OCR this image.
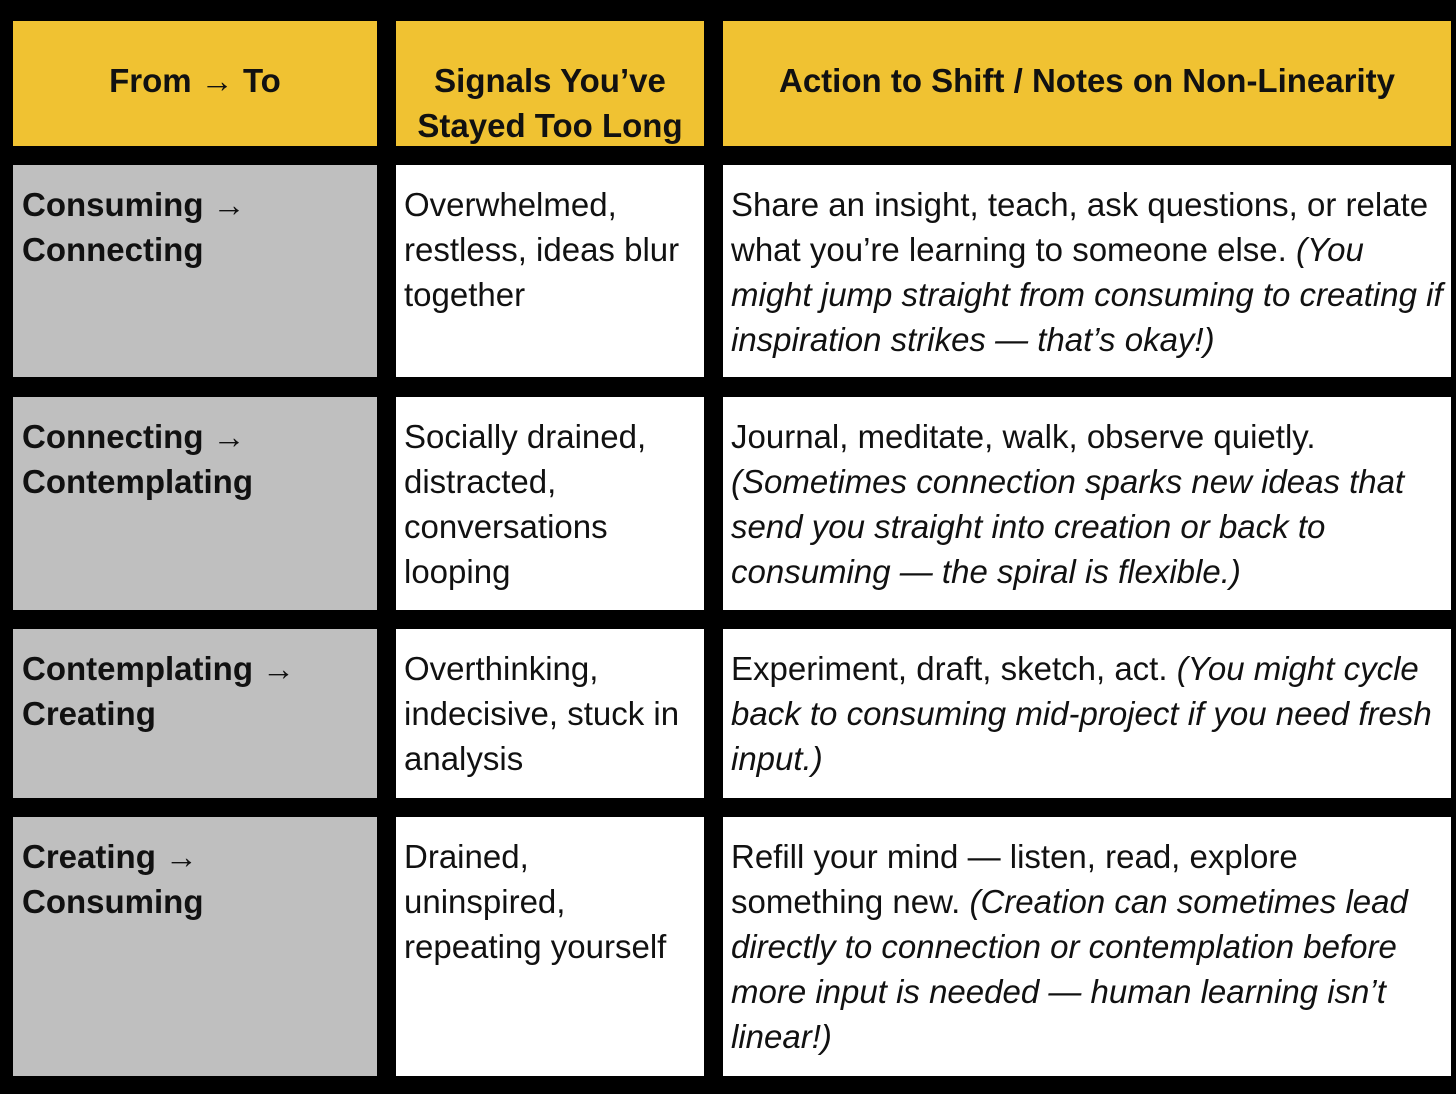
From → To	Signals You’ve Stayed Too Long
Action to Shift / Notes on Non-Linearity
Consuming → Connecting
Overwhelmed, restless, ideas blur together
Share an insight, teach, ask questions, or relate what you’re learning to someone else. (You might jump straight from consuming to creating if inspiration strikes — that’s okay!)
Connecting → Contemplating
Socially drained, distracted, conversations looping
Journal, meditate, walk, observe quietly. (Sometimes connection sparks new ideas that send you straight into creation or back to consuming — the spiral is flexible.)
Contemplating → Creating
Overthinking, indecisive, stuck in analysis
Experiment, draft, sketch, act. (You might cycle back to consuming mid-project if you need fresh input.)
Creating → Consuming
Drained, uninspired, repeating yourself
Refill your mind — listen, read, explore something new. (Creation can sometimes lead directly to connection or contemplation before more input is needed — human learning isn’t linear!)
